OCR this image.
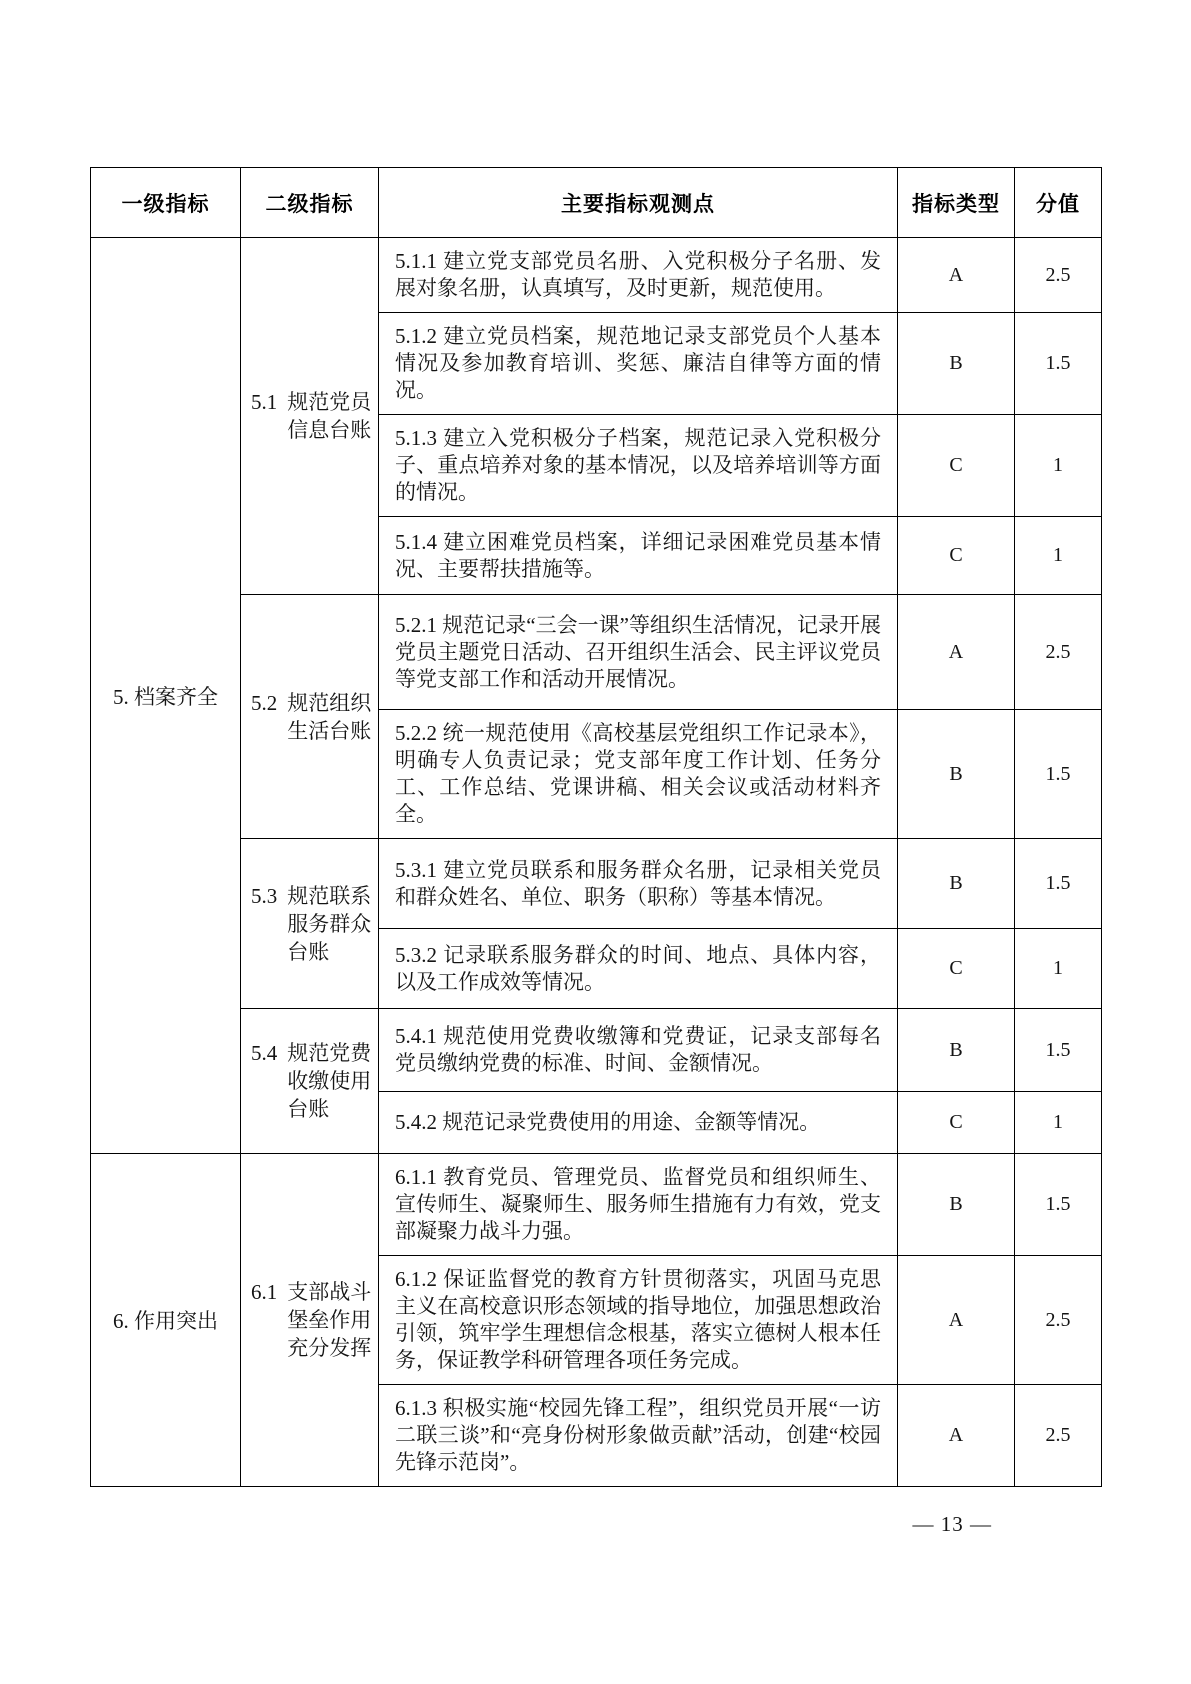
一级指标	二级指标	主要指标观测点	指标类型	分值
5. 档案齐全	5.1 规范党员信息台账	5.1.1 建立党支部党员名册、入党积极分子名册、发展对象名册，认真填写，及时更新，规范使用。	A	2.5
		5.1.2 建立党员档案，规范地记录支部党员个人基本情况及参加教育培训、奖惩、廉洁自律等方面的情况。	B	1.5
		5.1.3 建立入党积极分子档案，规范记录入党积极分子、重点培养对象的基本情况，以及培养培训等方面的情况。	C	1
		5.1.4 建立困难党员档案，详细记录困难党员基本情况、主要帮扶措施等。	C	1

	5.2 规范组织生活台账	5.2.1 规范记录“三会一课”等组织生活情况，记录开展党员主题党日活动、召开组织生活会、民主评议党员等党支部工作和活动开展情况。	A	2.5
		5.2.2 统一规范使用《高校基层党组织工作记录本》，明确专人负责记录；党支部年度工作计划、任务分工、工作总结、党课讲稿、相关会议或活动材料齐全。	B	1.5

	5.3 规范联系服务群众台账	5.3.1 建立党员联系和服务群众名册，记录相关党员和群众姓名、单位、职务（职称）等基本情况。	B	1.5
		5.3.2 记录联系服务群众的时间、地点、具体内容，以及工作成效等情况。	C	1

	5.4 规范党费收缴使用台账	5.4.1 规范使用党费收缴簿和党费证，记录支部每名党员缴纳党费的标准、时间、金额情况。	B	1.5
		5.4.2 规范记录党费使用的用途、金额等情况。	C	1
6. 作用突出	6.1 支部战斗堡垒作用充分发挥	6.1.1 教育党员、管理党员、监督党员和组织师生、宣传师生、凝聚师生、服务师生措施有力有效，党支部凝聚力战斗力强。	B	1.5
		6.1.2 保证监督党的教育方针贯彻落实，巩固马克思主义在高校意识形态领域的指导地位，加强思想政治引领，筑牢学生理想信念根基，落实立德树人根本任务，保证教学科研管理各项任务完成。	A	2.5
		6.1.3 积极实施“校园先锋工程”，组织党员开展“一访二联三谈”和“亮身份树形象做贡献”活动，创建“校园先锋示范岗”。	A	2.5
— 13 —
